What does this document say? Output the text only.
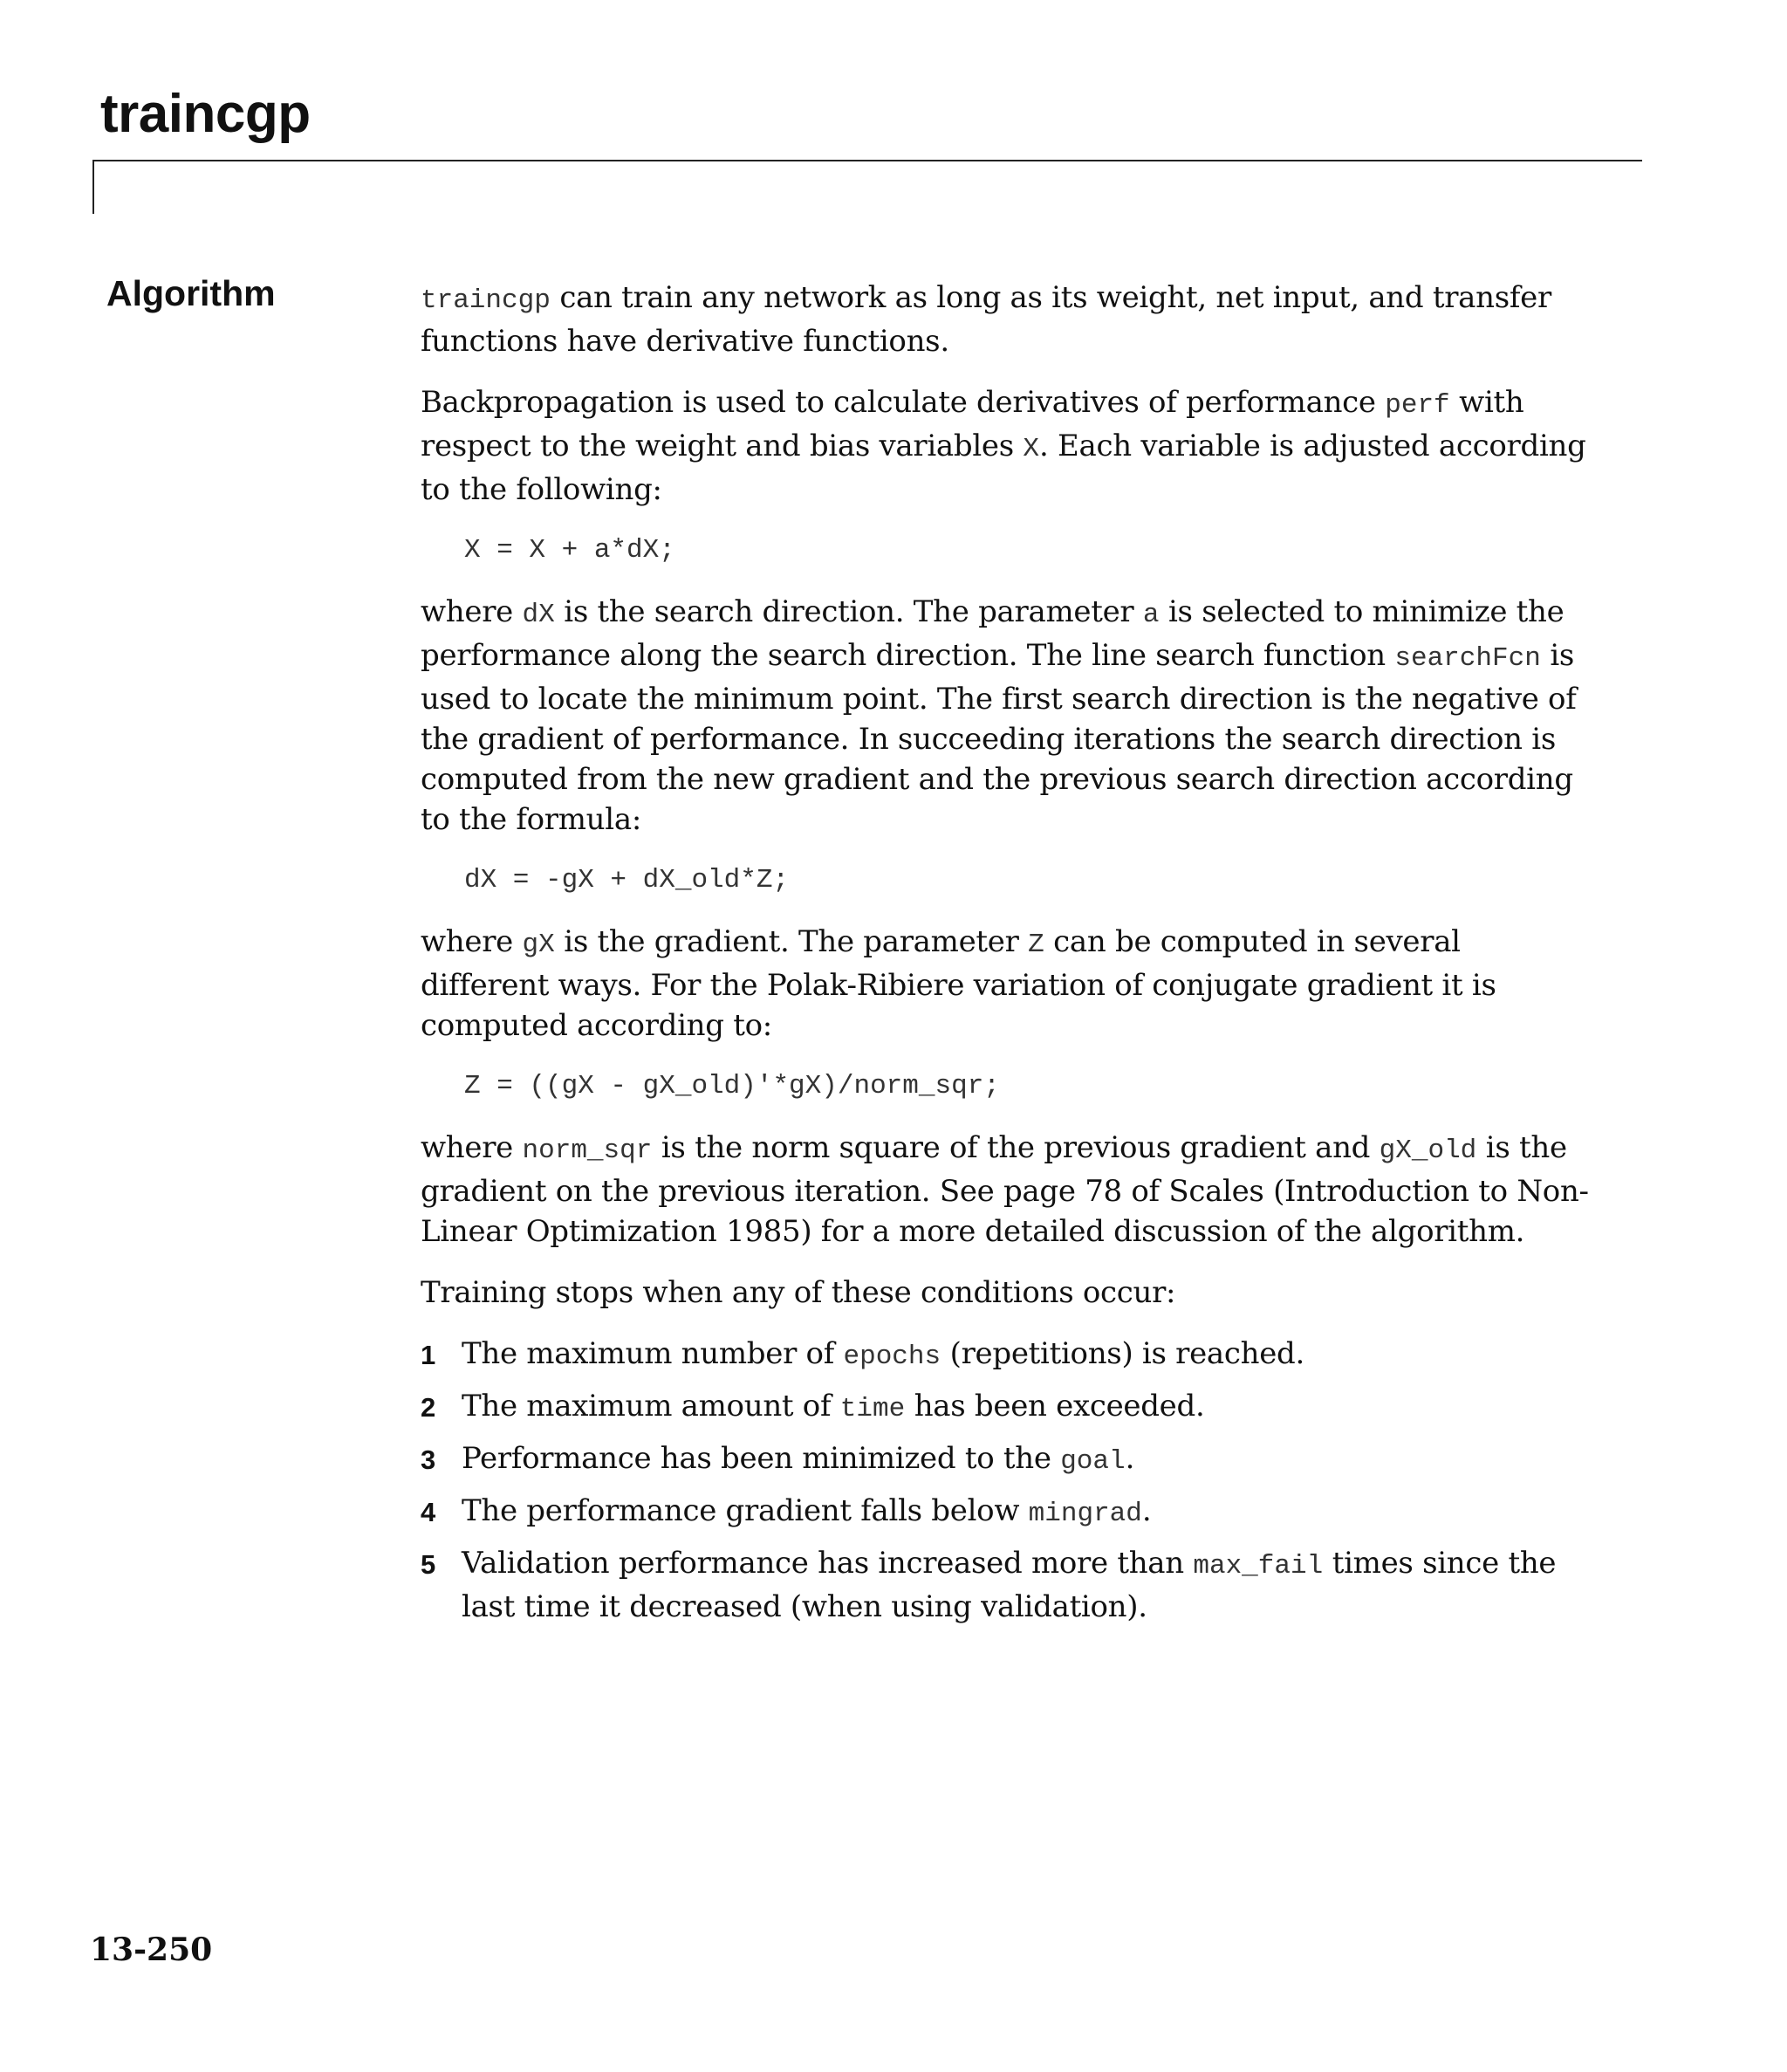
traincgp
Algorithm	traincgp can train any network as long as its weight, net input, and transfer functions have derivative functions.

Backpropagation is used to calculate derivatives of performance perf with respect to the weight and bias variables X. Each variable is adjusted according to the following:

X = X + a*dX;

where dX is the search direction. The parameter a is selected to minimize the performance along the search direction. The line search function searchFcn is used to locate the minimum point. The first search direction is the negative of the gradient of performance. In succeeding iterations the search direction is computed from the new gradient and the previous search direction according to the formula:

dX = -gX + dX_old*Z;

where gX is the gradient. The parameter Z can be computed in several different ways. For the Polak-Ribiere variation of conjugate gradient it is computed according to:

Z = ((gX - gX_old)'*gX)/norm_sqr;

where norm_sqr is the norm square of the previous gradient and gX_old is the gradient on the previous iteration. See page 78 of Scales (Introduction to Non-Linear Optimization 1985) for a more detailed discussion of the algorithm.

Training stops when any of these conditions occur:

1 The maximum number of epochs (repetitions) is reached.
2 The maximum amount of time has been exceeded.
3 Performance has been minimized to the goal.
4 The performance gradient falls below mingrad.
5 Validation performance has increased more than max_fail times since the last time it decreased (when using validation).
13-250
